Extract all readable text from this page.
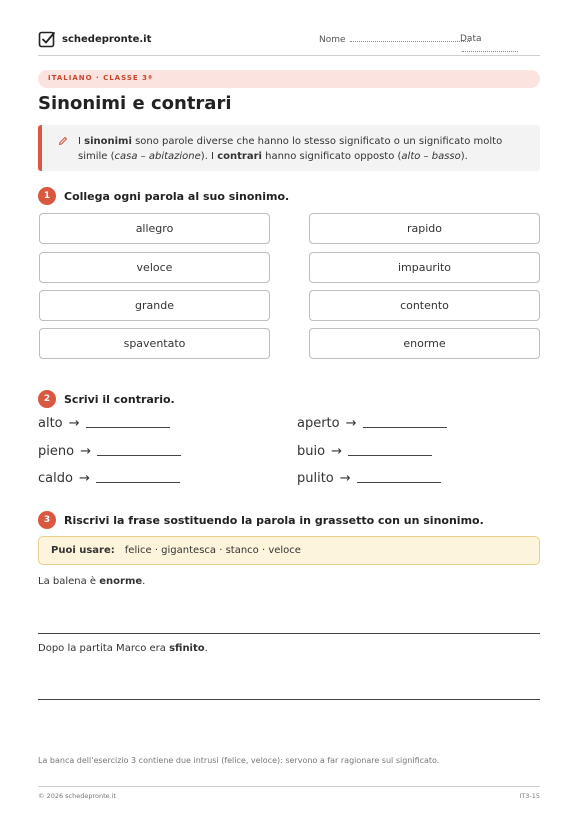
schedepronte.it	Nome	Data
ITALIANO · CLASSE 3ª
Sinonimi e contrari
I sinonimi sono parole diverse che hanno lo stesso significato o un significato molto simile (casa – abitazione). I contrari hanno significato opposto (alto – basso).
1	Collega ogni parola al suo sinonimo.
allegro
veloce
grande
spaventato
rapido
impaurito
contento
enorme
2	Scrivi il contrario.
alto →
pieno →
caldo →
aperto →
buio →
pulito →
3	Riscrivi la frase sostituendo la parola in grassetto con un sinonimo.
Puoi usare: felice · gigantesca · stanco · veloce
La balena è enorme.
Dopo la partita Marco era sfinito.
La banca dell'esercizio 3 contiene due intrusi (felice, veloce): servono a far ragionare sul significato.
© 2026 schedepronte.it	IT3-15
